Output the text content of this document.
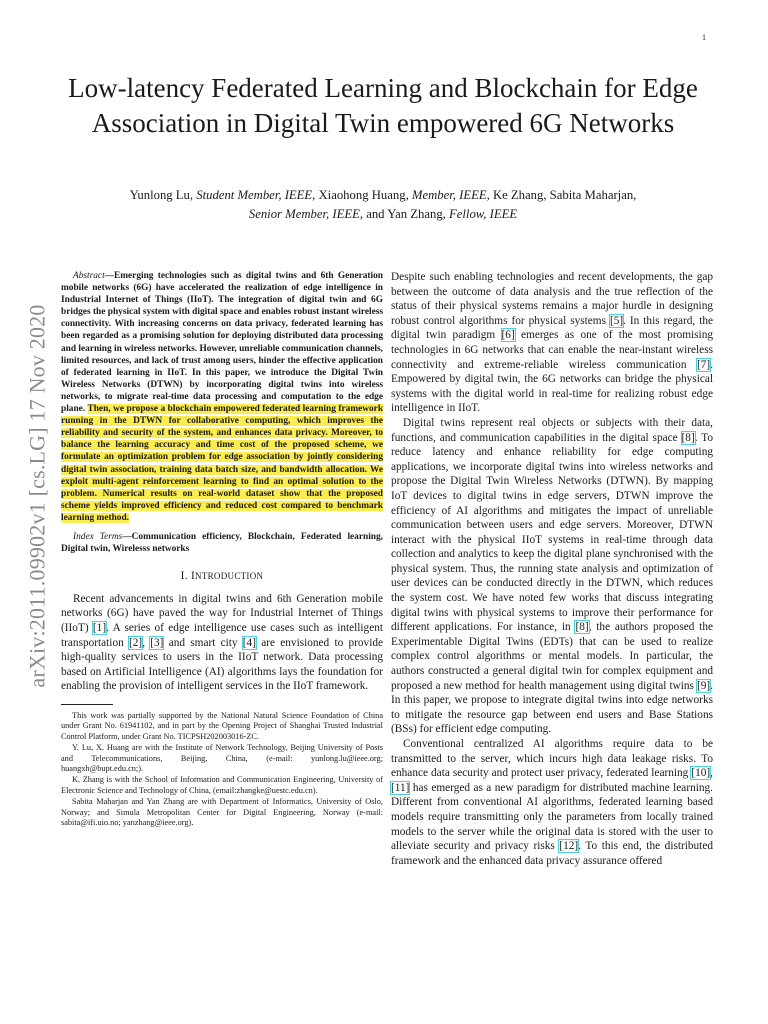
1
arXiv:2011.09902v1 [cs.LG] 17 Nov 2020
Low-latency Federated Learning and Blockchain for Edge Association in Digital Twin empowered 6G Networks
Yunlong Lu, Student Member, IEEE, Xiaohong Huang, Member, IEEE, Ke Zhang, Sabita Maharjan, Senior Member, IEEE, and Yan Zhang, Fellow, IEEE

Abstract—Emerging technologies such as digital twins and 6th Generation mobile networks (6G) have accelerated the realization of edge intelligence in Industrial Internet of Things (IIoT). The integration of digital twin and 6G bridges the physical system with digital space and enables robust instant wireless connectivity. With increasing concerns on data privacy, federated learning has been regarded as a promising solution for deploying distributed data processing and learning in wireless networks. However, unreliable communication channels, limited resources, and lack of trust among users, hinder the effective application of federated learning in IIoT. In this paper, we introduce the Digital Twin Wireless Networks (DTWN) by incorporating digital twins into wireless networks, to migrate real-time data processing and computation to the edge plane. Then, we propose a blockchain empowered federated learning framework running in the DTWN for collaborative computing, which improves the reliability and security of the system, and enhances data privacy. Moreover, to balance the learning accuracy and time cost of the proposed scheme, we formulate an optimization problem for edge association by jointly considering digital twin association, training data batch size, and bandwidth allocation. We exploit multi-agent reinforcement learning to find an optimal solution to the problem. Numerical results on real-world dataset show that the proposed scheme yields improved efficiency and reduced cost compared to benchmark learning method.

Index Terms—Communication efficiency, Blockchain, Federated learning, Digital twin, Wirelesss networks

I. INTRODUCTION

Recent advancements in digital twins and 6th Generation mobile networks (6G) have paved the way for Industrial Internet of Things (IIoT) [1]. A series of edge intelligence use cases such as intelligent transportation [2], [3] and smart city [4] are envisioned to provide high-quality services to users in the IIoT network. Data processing based on Artificial Intelligence (AI) algorithms lays the foundation for enabling the provision of intelligent services in the IIoT framework.

This work was partially supported by the National Natural Science Foundation of China under Grant No. 61941102, and in part by the Opening Project of Shanghai Trusted Industrial Control Platform, under Grant No. TICPSH202003016-ZC.

Y. Lu, X. Huang are with the Institute of Network Technology, Beijing University of Posts and Telecommunications, Beijing, China, (e-mail: yunlong.lu@ieee.org; huangxh@bupt.edu.cn;).

K. Zhang is with the School of Information and Communication Engineering, University of Electronic Science and Technology of China, (email:zhangke@uestc.edu.cn).

Sabita Maharjan and Yan Zhang are with Department of Informatics, University of Oslo, Norway; and Simula Metropolitan Center for Digital Engineering, Norway (e-mail: sabita@ifi.uio.no; yanzhang@ieee.org).

Despite such enabling technologies and recent developments, the gap between the outcome of data analysis and the true reflection of the status of their physical systems remains a major hurdle in designing robust control algorithms for physical systems [5]. In this regard, the digital twin paradigm [6] emerges as one of the most promising technologies in 6G networks that can enable the near-instant wireless connectivity and extreme-reliable wireless communication [7]. Empowered by digital twin, the 6G networks can bridge the physical systems with the digital world in real-time for realizing robust edge intelligence in IIoT.

Digital twins represent real objects or subjects with their data, functions, and communication capabilities in the digital space [8]. To reduce latency and enhance reliability for edge computing applications, we incorporate digital twins into wireless networks and propose the Digital Twin Wireless Networks (DTWN). By mapping IoT devices to digital twins in edge servers, DTWN improve the efficiency of AI algorithms and mitigates the impact of unreliable communication between users and edge servers. Moreover, DTWN interact with the physical IIoT systems in real-time through data collection and analytics to keep the digital plane synchronised with the physical system. Thus, the running state analysis and optimization of user devices can be conducted directly in the DTWN, which reduces the system cost. We have noted few works that discuss integrating digital twins with physical systems to improve their performance for different applications. For instance, in [8], the authors proposed the Experimentable Digital Twins (EDTs) that can be used to realize complex control algorithms or mental models. In particular, the authors constructed a general digital twin for complex equipment and proposed a new method for health management using digital twins [9]. In this paper, we propose to integrate digital twins into edge networks to mitigate the resource gap between end users and Base Stations (BSs) for efficient edge computing.

Conventional centralized AI algorithms require data to be transmitted to the server, which incurs high data leakage risks. To enhance data security and protect user privacy, federated learning [10], [11] has emerged as a new paradigm for distributed machine learning. Different from conventional AI algorithms, federated learning based models require transmitting only the parameters from locally trained models to the server while the original data is stored with the user to alleviate security and privacy risks [12]. To this end, the distributed framework and the enhanced data privacy assurance offered
